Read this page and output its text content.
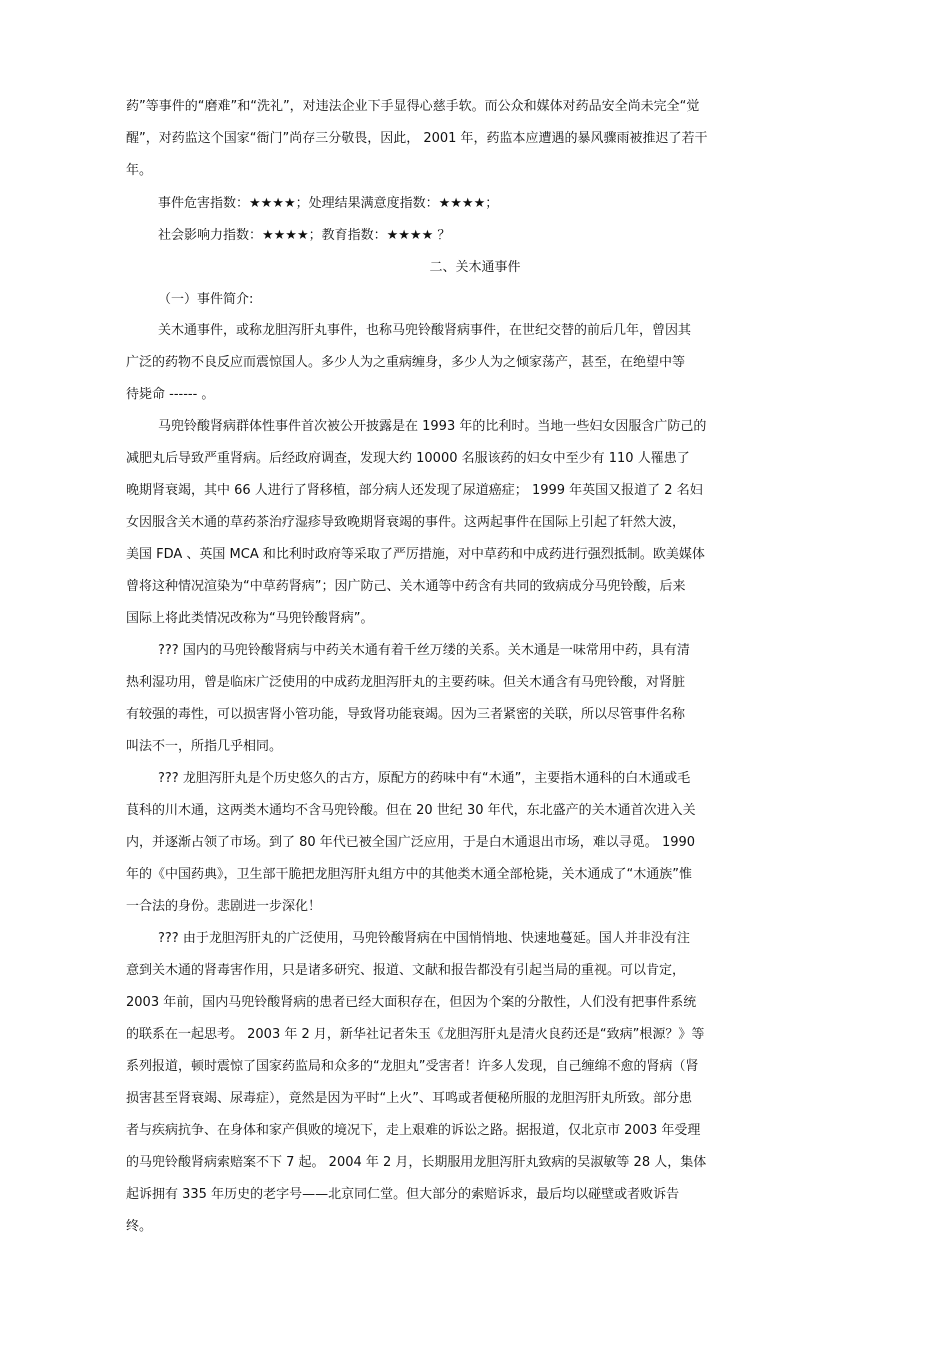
药”等事件的“磨难”和“洗礼”，对违法企业下手显得心慈手软。而公众和媒体对药品安全尚未完全“觉
醒”，对药监这个国家“衙门”尚存三分敬畏，因此， 2001 年，药监本应遭遇的暴风骤雨被推迟了若干
年。
事件危害指数：★★★★；处理结果满意度指数：★★★★；
社会影响力指数：★★★★；教育指数：★★★★ ？
二、关木通事件
（一）事件简介:
关木通事件，或称龙胆泻肝丸事件，也称马兜铃酸肾病事件，在世纪交替的前后几年，曾因其
广泛的药物不良反应而震惊国人。多少人为之重病缠身，多少人为之倾家荡产，甚至，在绝望中等
待毙命 ------ 。
马兜铃酸肾病群体性事件首次被公开披露是在 1993 年的比利时。当地一些妇女因服含广防己的
减肥丸后导致严重肾病。后经政府调查，发现大约 10000 名服该药的妇女中至少有 110 人罹患了
晚期肾衰竭，其中 66 人进行了肾移植，部分病人还发现了尿道癌症； 1999 年英国又报道了 2 名妇
女因服含关木通的草药茶治疗湿疹导致晚期肾衰竭的事件。这两起事件在国际上引起了轩然大波，
美国 FDA 、英国 MCA 和比利时政府等采取了严厉措施，对中草药和中成药进行强烈抵制。欧美媒体
曾将这种情况渲染为“中草药肾病”；因广防己、关木通等中药含有共同的致病成分马兜铃酸，后来
国际上将此类情况改称为“马兜铃酸肾病”。
??? 国内的马兜铃酸肾病与中药关木通有着千丝万缕的关系。关木通是一味常用中药，具有清
热利湿功用，曾是临床广泛使用的中成药龙胆泻肝丸的主要药味。但关木通含有马兜铃酸，对肾脏
有较强的毒性，可以损害肾小管功能，导致肾功能衰竭。因为三者紧密的关联，所以尽管事件名称
叫法不一，所指几乎相同。
??? 龙胆泻肝丸是个历史悠久的古方，原配方的药味中有“木通”，主要指木通科的白木通或毛
茛科的川木通，这两类木通均不含马兜铃酸。但在 20 世纪 30 年代，东北盛产的关木通首次进入关
内，并逐渐占领了市场。到了 80 年代已被全国广泛应用，于是白木通退出市场，难以寻觅。 1990
年的《中国药典》，卫生部干脆把龙胆泻肝丸组方中的其他类木通全部枪毙，关木通成了“木通族”惟
一合法的身份。悲剧进一步深化！
??? 由于龙胆泻肝丸的广泛使用，马兜铃酸肾病在中国悄悄地、快速地蔓延。国人并非没有注
意到关木通的肾毒害作用，只是诸多研究、报道、文献和报告都没有引起当局的重视。可以肯定，
2003 年前，国内马兜铃酸肾病的患者已经大面积存在，但因为个案的分散性，人们没有把事件系统
的联系在一起思考。 2003 年 2 月，新华社记者朱玉《龙胆泻肝丸是清火良药还是“致病”根源？》等
系列报道，顿时震惊了国家药监局和众多的“龙胆丸”受害者！许多人发现，自己缠绵不愈的肾病（肾
损害甚至肾衰竭、尿毒症），竟然是因为平时“上火”、耳鸣或者便秘所服的龙胆泻肝丸所致。部分患
者与疾病抗争、在身体和家产俱败的境况下，走上艰难的诉讼之路。据报道，仅北京市 2003 年受理
的马兜铃酸肾病索赔案不下 7 起。 2004 年 2 月，长期服用龙胆泻肝丸致病的吴淑敏等 28 人，集体
起诉拥有 335 年历史的老字号——北京同仁堂。但大部分的索赔诉求，最后均以碰壁或者败诉告
终。
